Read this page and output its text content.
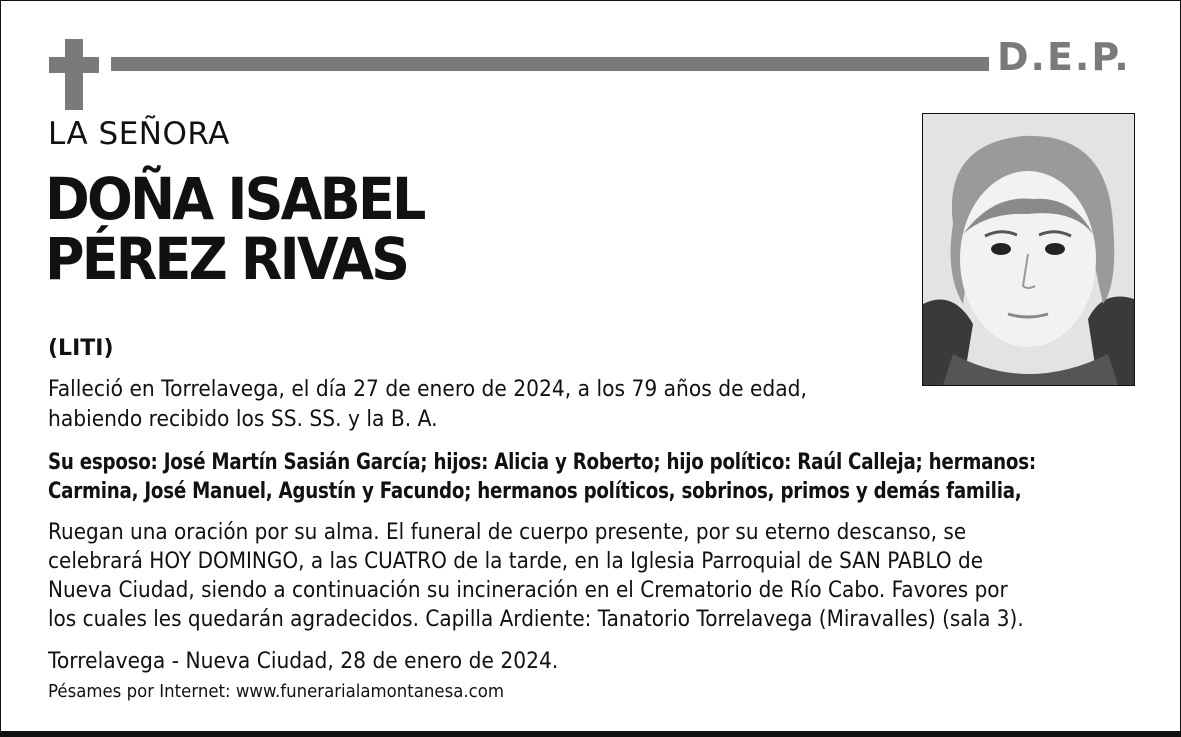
D.E.P.
LA SEÑORA
DOÑA ISABEL
PÉREZ RIVAS
(LITI)
Falleció en Torrelavega, el día 27 de enero de 2024, a los 79 años de edad,
habiendo recibido los SS. SS. y la B. A.
Su esposo: José Martín Sasián García; hijos: Alicia y Roberto; hijo político: Raúl Calleja; hermanos:
Carmina, José Manuel, Agustín y Facundo; hermanos políticos, sobrinos, primos y demás familia,
Ruegan una oración por su alma. El funeral de cuerpo presente, por su eterno descanso, se
celebrará HOY DOMINGO, a las CUATRO de la tarde, en la Iglesia Parroquial de SAN PABLO de
Nueva Ciudad, siendo a continuación su incineración en el Crematorio de Río Cabo. Favores por
los cuales les quedarán agradecidos. Capilla Ardiente: Tanatorio Torrelavega (Miravalles) (sala 3).
Torrelavega - Nueva Ciudad, 28 de enero de 2024.
Pésames por Internet: www.funerarialamontanesa.com
